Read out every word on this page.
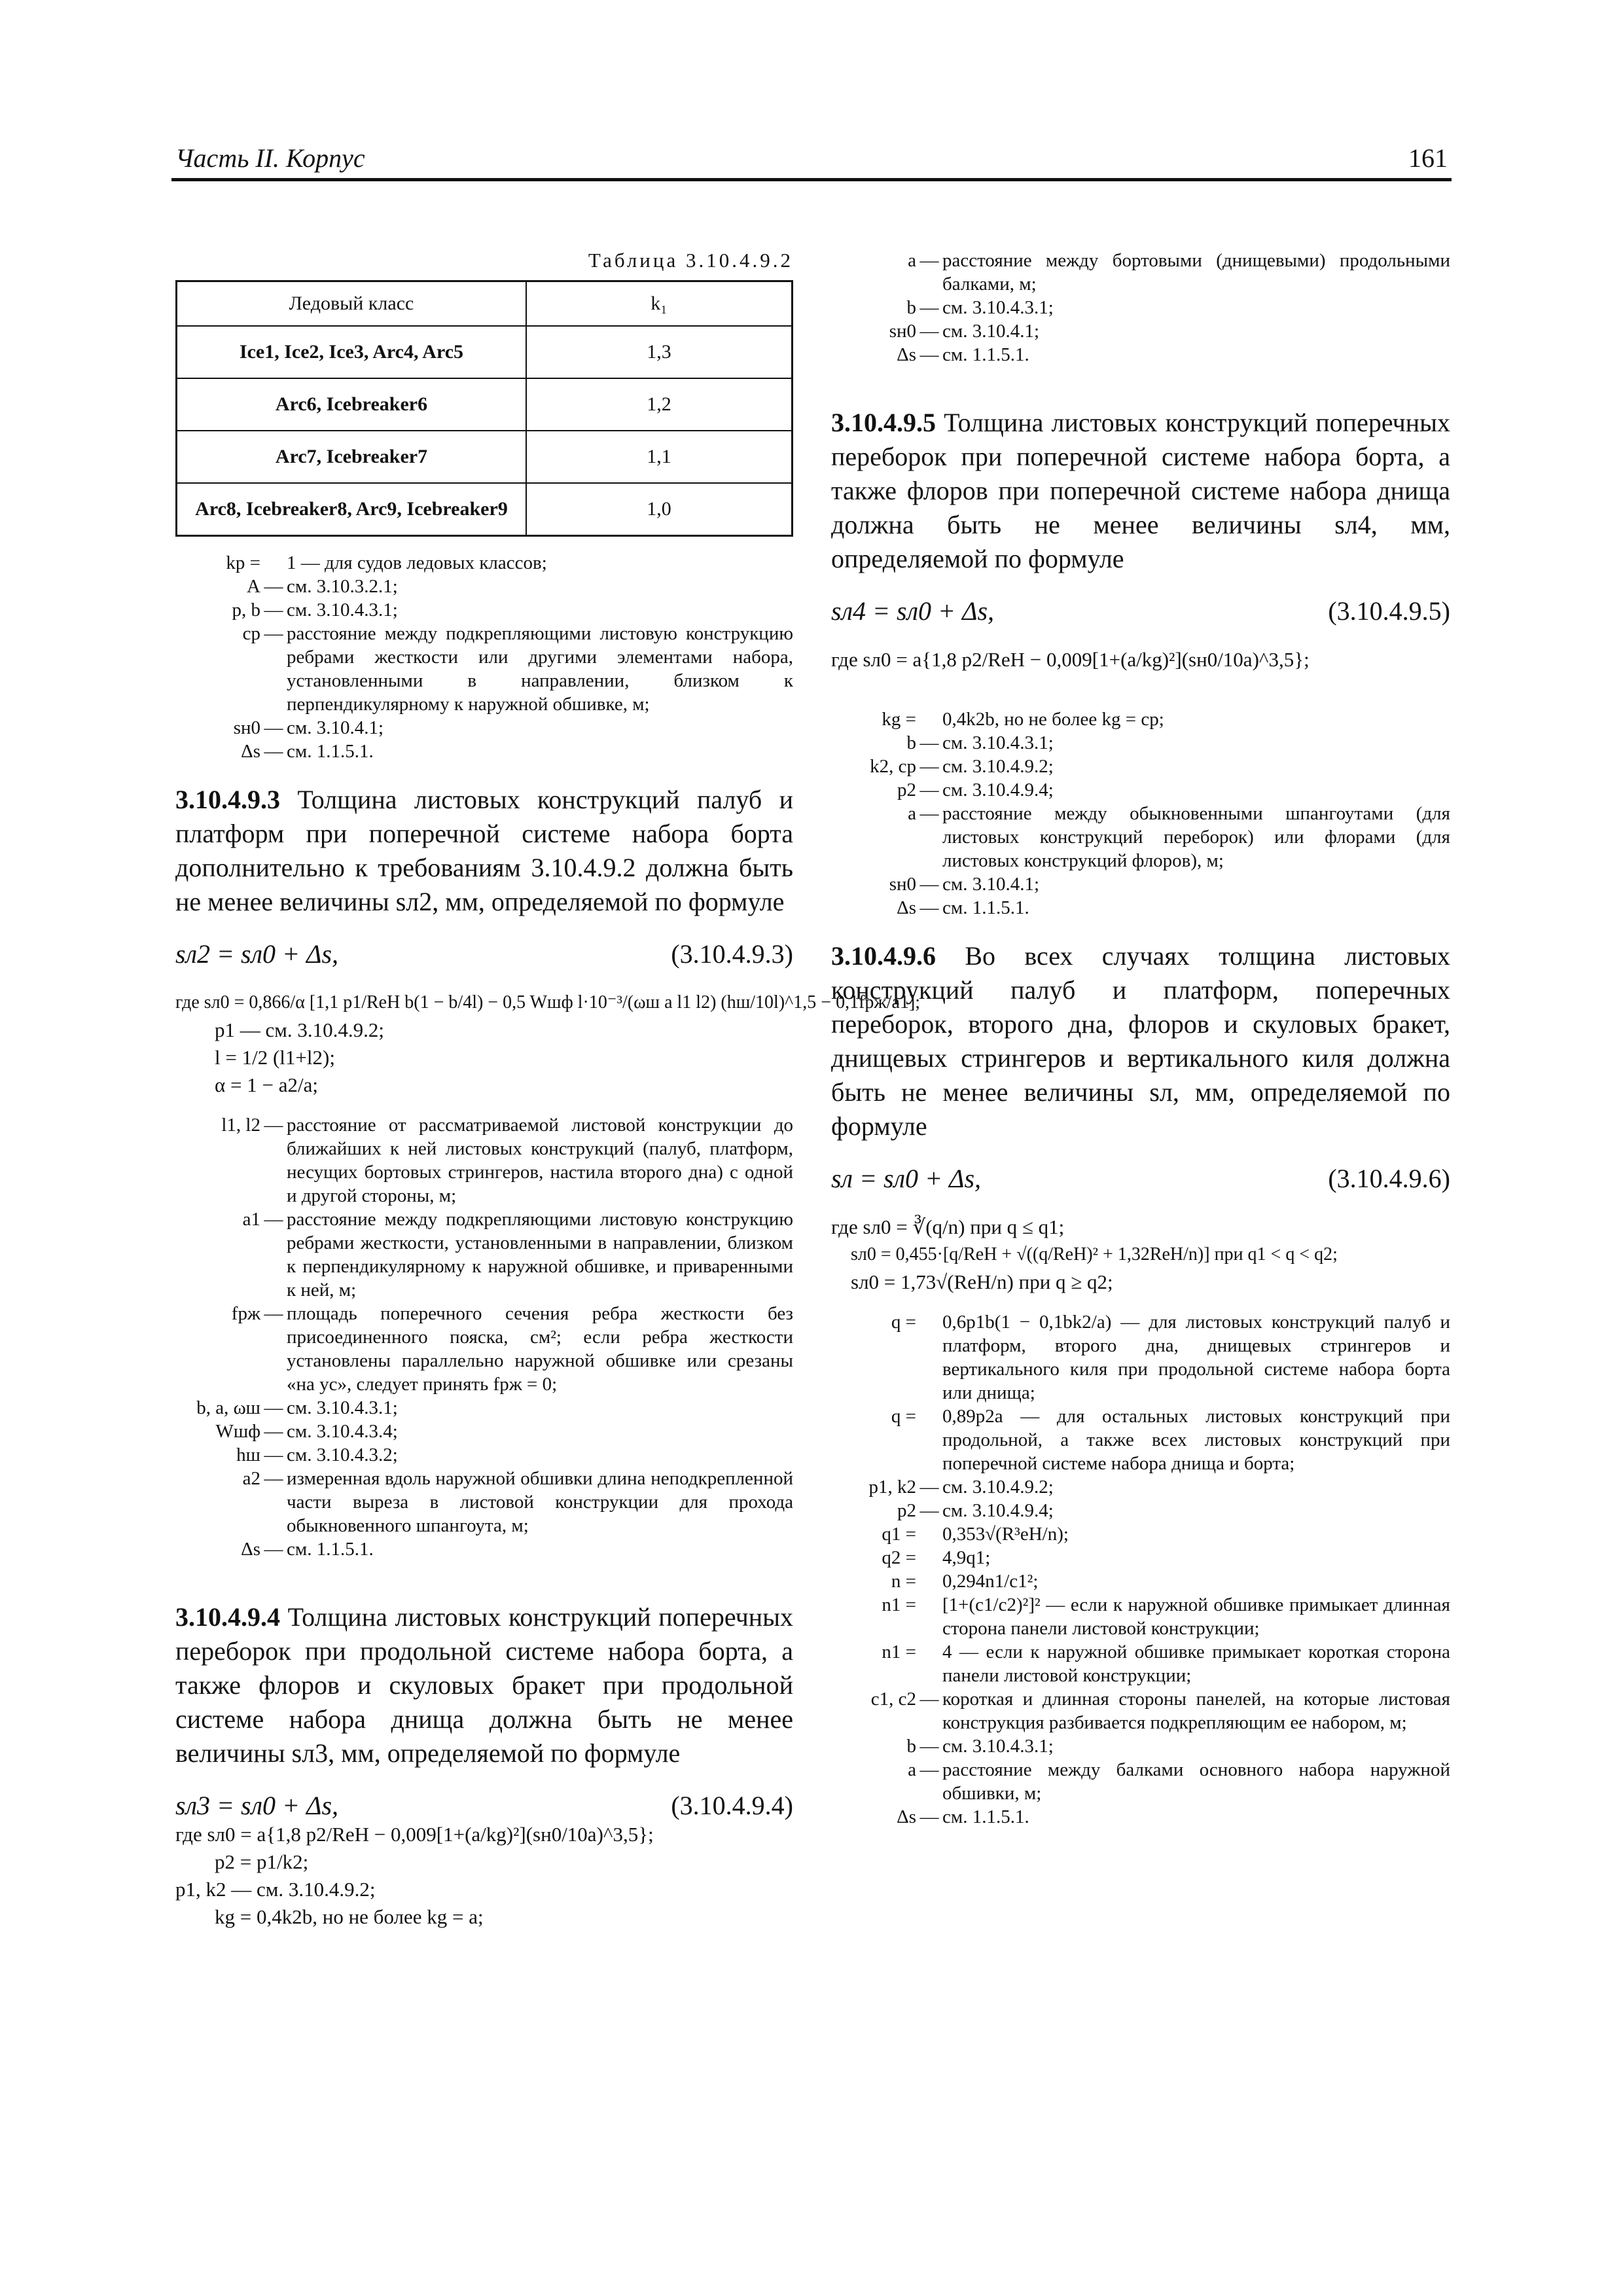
Часть II. Корпус	161
Таблица 3.10.4.9.2
Ледовый класс	k₁
Ice1, Ice2, Ice3, Arc4, Arc5	1,3
Arc6, Icebreaker6	1,2
Arc7, Icebreaker7	1,1
Arc8, Icebreaker8, Arc9, Icebreaker9	1,0
kр = 1 — для судов ледовых классов;
A — см. 3.10.3.2.1;
p, b — см. 3.10.4.3.1;
cр — расстояние между подкрепляющими листовую конструкцию ребрами жесткости или другими элементами набора, установленными в направлении, близком к перпендикулярному к наружной обшивке, м;
sн0 — см. 3.10.4.1;
Δs — см. 1.1.5.1.

3.10.4.9.3 Толщина листовых конструкций палуб и платформ при поперечной системе набора борта дополнительно к требованиям 3.10.4.9.2 должна быть не менее величины sл2, мм, определяемой по формуле

sл2 = sл0 + Δs,	(3.10.4.9.3)

где sл0 = 0,866/α [1,1 p1/ReH b(1 − b/4l) − 0,5 Wшф l·10⁻³/(ωш a l1 l2) (hш/10l)^1,5 − 0,1fрж/a1];

p1 — см. 3.10.4.9.2;

l = 1/2 (l1+l2);

α = 1 − a2/a;

l1, l2 — расстояние от рассматриваемой листовой конструкции до ближайших к ней листовых конструкций (палуб, платформ, несущих бортовых стрингеров, настила второго дна) с одной и другой стороны, м;
a1 — расстояние между подкрепляющими листовую конструкцию ребрами жесткости, установленными в направлении, близком к перпендикулярному к наружной обшивке, и приваренными к ней, м;
fрж — площадь поперечного сечения ребра жесткости без присоединенного пояска, см²; если ребра жесткости установлены параллельно наружной обшивке или срезаны «на ус», следует принять fрж = 0;
b, a, ωш — см. 3.10.4.3.1;
Wшф — см. 3.10.4.3.4;
hш — см. 3.10.4.3.2;
a2 — измеренная вдоль наружной обшивки длина неподкрепленной части выреза в листовой конструкции для прохода обыкновенного шпангоута, м;
Δs — см. 1.1.5.1.

3.10.4.9.4 Толщина листовых конструкций поперечных переборок при продольной системе набора борта, а также флоров и скуловых бракет при продольной системе набора днища должна быть не менее величины sл3, мм, определяемой по формуле

sл3 = sл0 + Δs,	(3.10.4.9.4)

где sл0 = a{1,8 p2/ReH − 0,009[1+(a/kg)²](sн0/10a)^3,5};

p2 = p1/k2;

p1, k2 — см. 3.10.4.9.2;

kg = 0,4k2b, но не более kg = a;

a — расстояние между бортовыми (днищевыми) продольными балками, м;
b — см. 3.10.4.3.1;
sн0 — см. 3.10.4.1;
Δs — см. 1.1.5.1.

3.10.4.9.5 Толщина листовых конструкций поперечных переборок при поперечной системе набора борта, а также флоров при поперечной системе набора днища должна быть не менее величины sл4, мм, определяемой по формуле

sл4 = sл0 + Δs,	(3.10.4.9.5)

где sл0 = a{1,8 p2/ReH − 0,009[1+(a/kg)²](sн0/10a)^3,5};

kg = 0,4k2b, но не более kg = cр;
b — см. 3.10.4.3.1;
k2, cр — см. 3.10.4.9.2;
p2 — см. 3.10.4.9.4;
a — расстояние между обыкновенными шпангоутами (для листовых конструкций переборок) или флорами (для листовых конструкций флоров), м;
sн0 — см. 3.10.4.1;
Δs — см. 1.1.5.1.

3.10.4.9.6 Во всех случаях толщина листовых конструкций палуб и платформ, поперечных переборок, второго дна, флоров и скуловых бракет, днищевых стрингеров и вертикального киля должна быть не менее величины sл, мм, определяемой по формуле

sл = sл0 + Δs,	(3.10.4.9.6)

где sл0 = ∛(q/n) при q ≤ q1;

sл0 = 0,455·[q/ReH + √((q/ReH)² + 1,32ReH/n)] при q1 < q < q2;

sл0 = 1,73√(ReH/n) при q ≥ q2;

q = 0,6p1b(1 − 0,1bk2/a) — для листовых конструкций палуб и платформ, второго дна, днищевых стрингеров и вертикального киля при продольной системе набора борта или днища;
q = 0,89p2a — для остальных листовых конструкций при продольной, а также всех листовых конструкций при поперечной системе набора днища и борта;
p1, k2 — см. 3.10.4.9.2;
p2 — см. 3.10.4.9.4;
q1 = 0,353√(R³eH/n);
q2 = 4,9q1;
n = 0,294n1/c1²;
n1 = [1+(c1/c2)²]² — если к наружной обшивке примыкает длинная сторона панели листовой конструкции;
n1 = 4 — если к наружной обшивке примыкает короткая сторона панели листовой конструкции;
c1, c2 — короткая и длинная стороны панелей, на которые листовая конструкция разбивается подкрепляющим ее набором, м;
b — см. 3.10.4.3.1;
a — расстояние между балками основного набора наружной обшивки, м;
Δs — см. 1.1.5.1.
